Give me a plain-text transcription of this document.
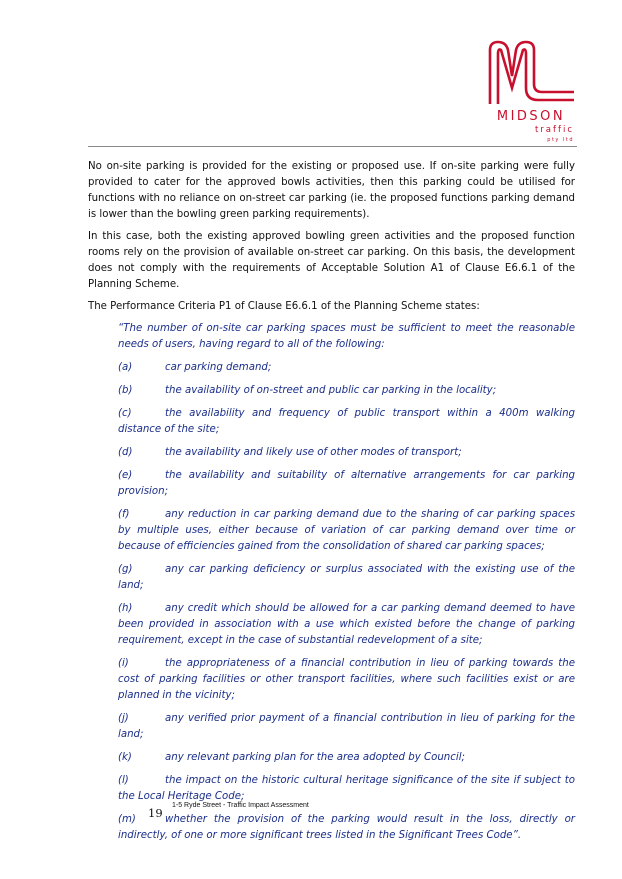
MIDSON
traffic
pty ltd

No on-site parking is provided for the existing or proposed use. If on-site parking were fully provided to cater for the approved bowls activities, then this parking could be utilised for functions with no reliance on on-street car parking (ie. the proposed functions parking demand is lower than the bowling green parking requirements).

In this case, both the existing approved bowling green activities and the proposed function rooms rely on the provision of available on-street car parking. On this basis, the development does not comply with the requirements of Acceptable Solution A1 of Clause E6.6.1 of the Planning Scheme.

The Performance Criteria P1 of Clause E6.6.1 of the Planning Scheme states:

“The number of on-site car parking spaces must be sufficient to meet the reasonable needs of users, having regard to all of the following:

(a)	car parking demand;

(b)	the availability of on-street and public car parking in the locality;

(c)	the availability and frequency of public transport within a 400m walking distance of the site;

(d)	the availability and likely use of other modes of transport;

(e)	the availability and suitability of alternative arrangements for car parking provision;

(f)	any reduction in car parking demand due to the sharing of car parking spaces by multiple uses, either because of variation of car parking demand over time or because of efficiencies gained from the consolidation of shared car parking spaces;

(g)	any car parking deficiency or surplus associated with the existing use of the land;

(h)	any credit which should be allowed for a car parking demand deemed to have been provided in association with a use which existed before the change of parking requirement, except in the case of substantial redevelopment of a site;

(i)	the appropriateness of a financial contribution in lieu of parking towards the cost of parking facilities or other transport facilities, where such facilities exist or are planned in the vicinity;

(j)	any verified prior payment of a financial contribution in lieu of parking for the land;

(k)	any relevant parking plan for the area adopted by Council;

(l)	the impact on the historic cultural heritage significance of the site if subject to the Local Heritage Code;

(m)	whether the provision of the parking would result in the loss, directly or indirectly, of one or more significant trees listed in the Significant Trees Code”.

19
1-5 Ryde Street - Traffic Impact Assessment
